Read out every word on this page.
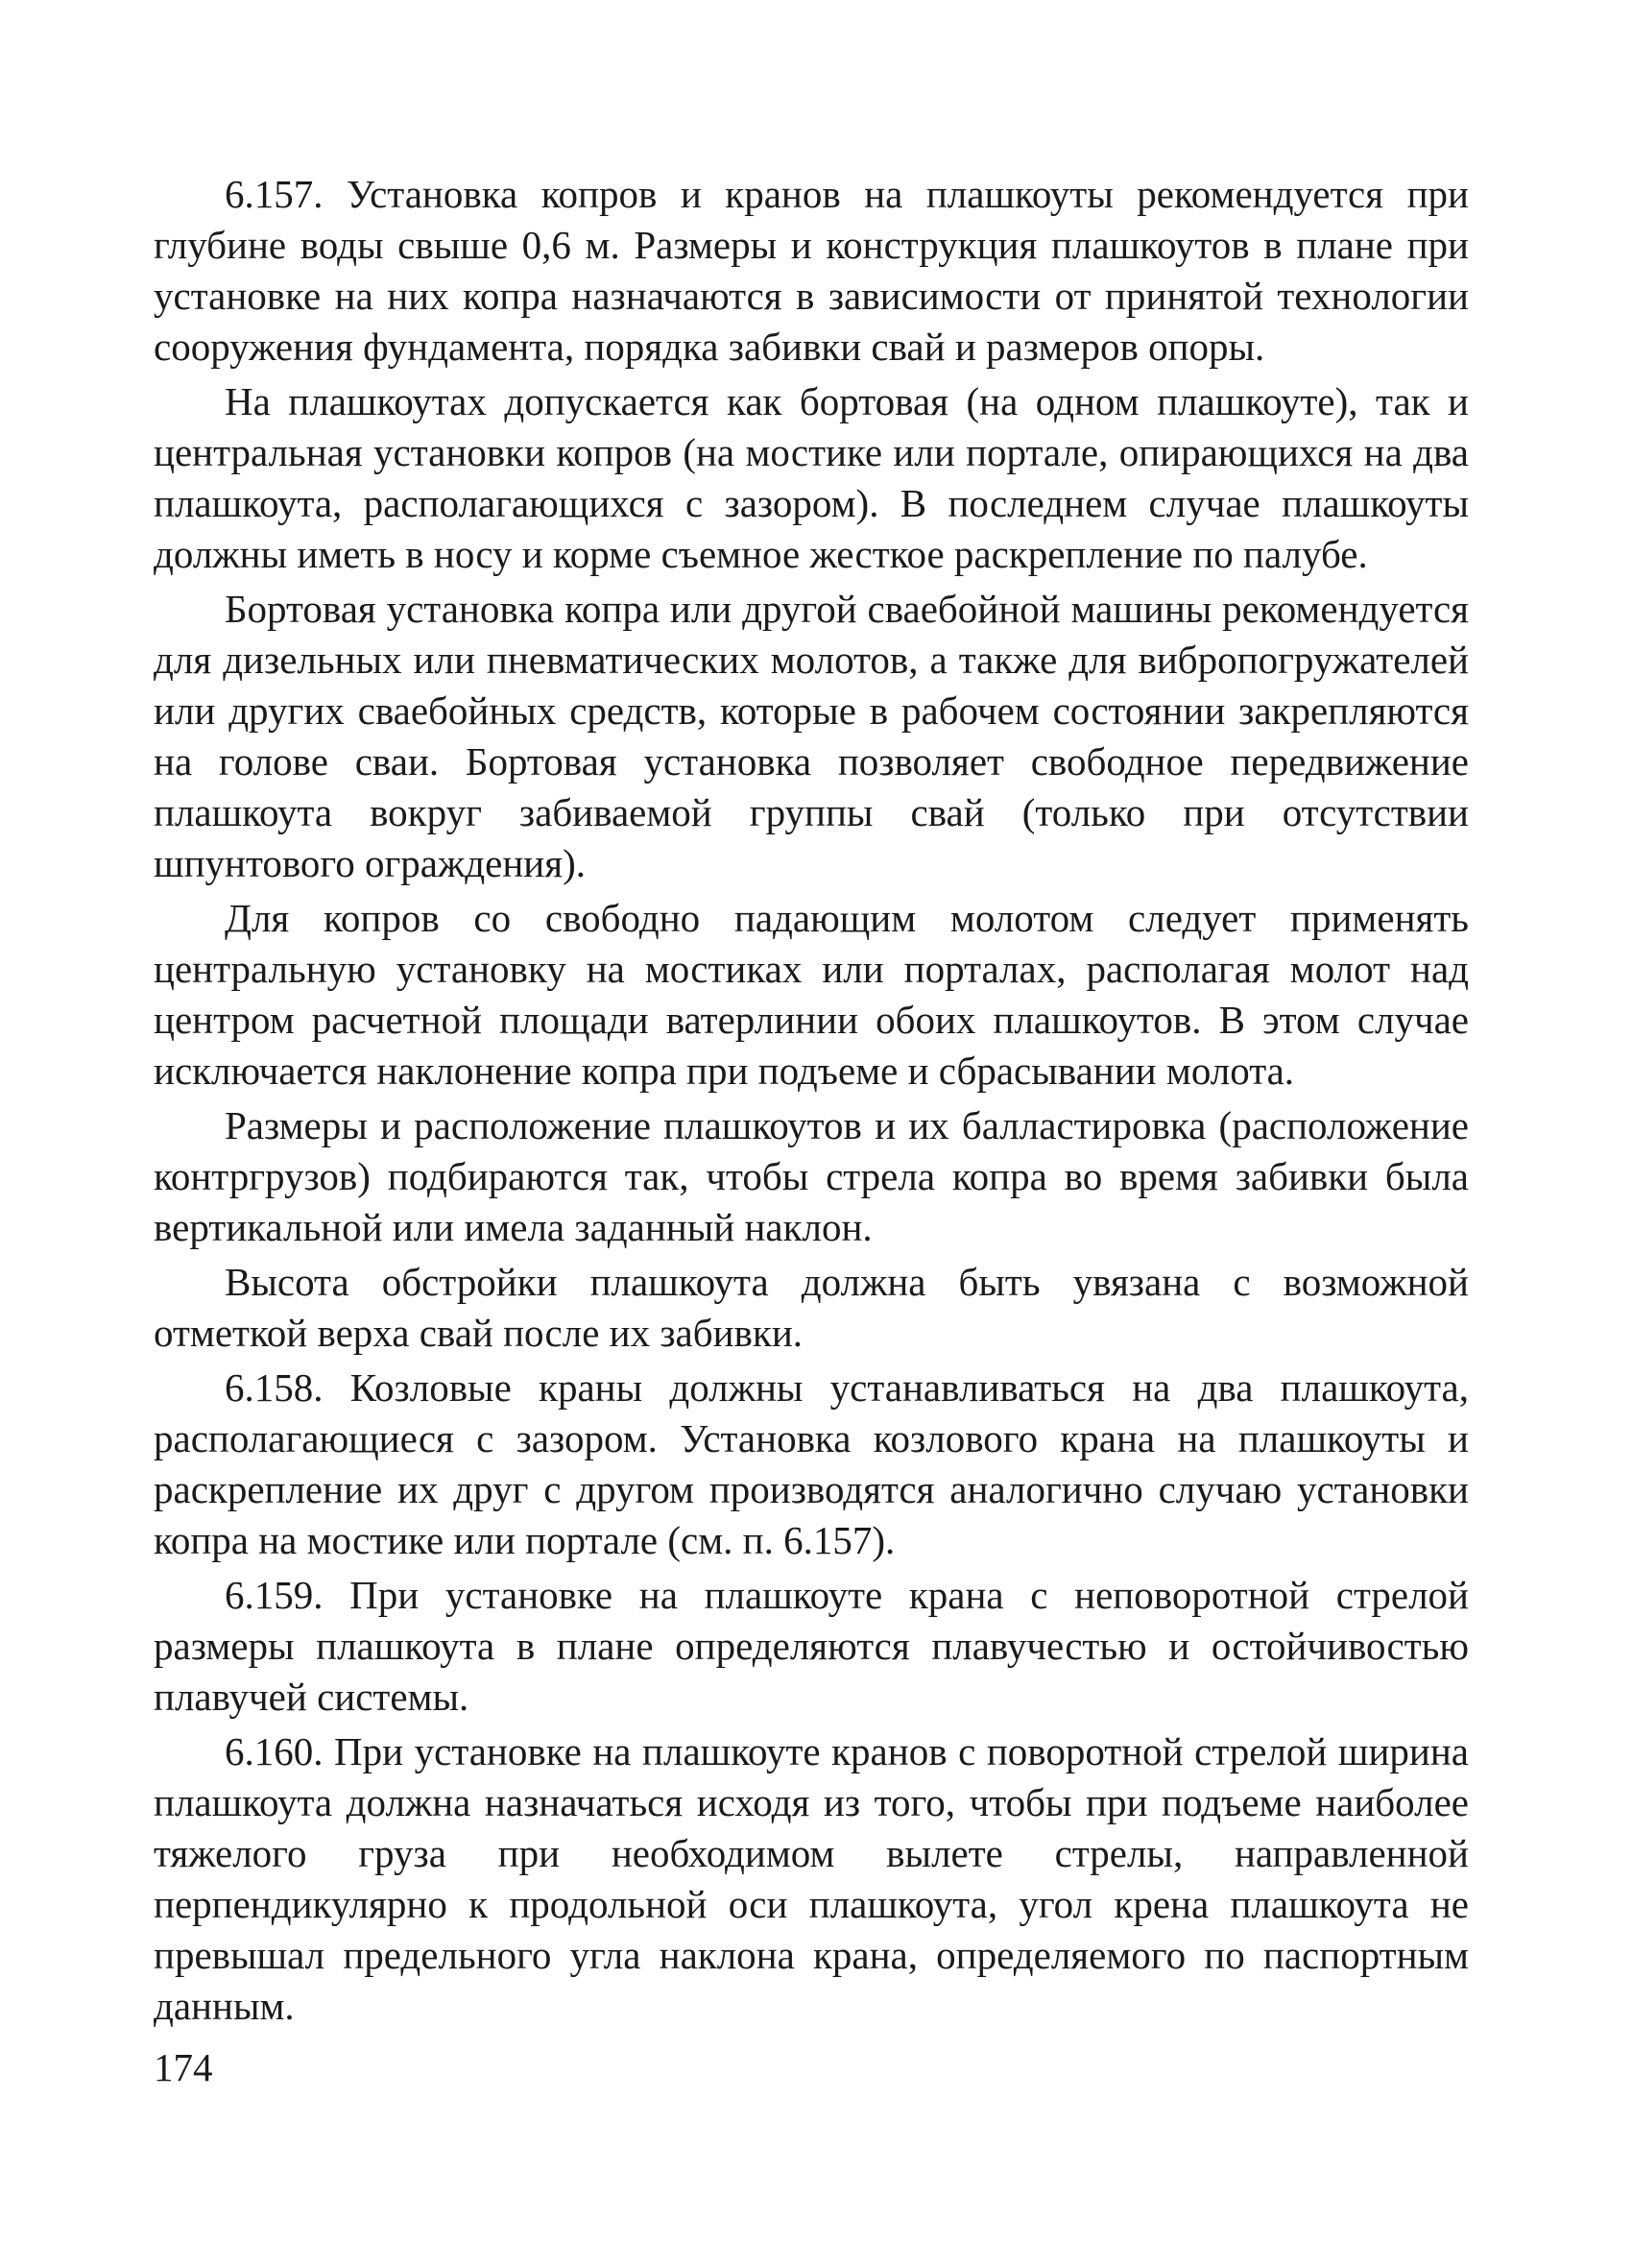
6.157. Установка копров и кранов на плашкоуты рекомендуется при глубине воды свыше 0,6 м. Размеры и конструкция плашкоутов в плане при установке на них копра назначаются в зависимости от принятой технологии сооружения фундамента, порядка забивки свай и размеров опоры.

На плашкоутах допускается как бортовая (на одном плашкоуте), так и центральная установки копров (на мостике или портале, опирающихся на два плашкоута, располагающихся с зазором). В последнем случае плашкоуты должны иметь в носу и корме съемное жесткое раскрепление по палубе.

Бортовая установка копра или другой сваебойной машины рекомендуется для дизельных или пневматических молотов, а также для вибропогружателей или других сваебойных средств, которые в рабочем состоянии закрепляются на голове сваи. Бортовая установка позволяет свободное передвижение плашкоута вокруг забиваемой группы свай (только при отсутствии шпунтового ограждения).

Для копров со свободно падающим молотом следует применять центральную установку на мостиках или порталах, располагая молот над центром расчетной площади ватерлинии обоих плашкоутов. В этом случае исключается наклонение копра при подъеме и сбрасывании молота.

Размеры и расположение плашкоутов и их балластировка (расположение контргрузов) подбираются так, чтобы стрела копра во время забивки была вертикальной или имела заданный наклон.

Высота обстройки плашкоута должна быть увязана с возможной отметкой верха свай после их забивки.

6.158. Козловые краны должны устанавливаться на два плашкоута, располагающиеся с зазором. Установка козлового крана на плашкоуты и раскрепление их друг с другом производятся аналогично случаю установки копра на мостике или портале (см. п. 6.157).

6.159. При установке на плашкоуте крана с неповоротной стрелой размеры плашкоута в плане определяются плавучестью и остойчивостью плавучей системы.

6.160. При установке на плашкоуте кранов с поворотной стрелой ширина плашкоута должна назначаться исходя из того, чтобы при подъеме наиболее тяжелого груза при необходимом вылете стрелы, направленной перпендикулярно к продольной оси плашкоута, угол крена плашкоута не превышал предельного угла наклона крана, определяемого по паспортным данным.

174
